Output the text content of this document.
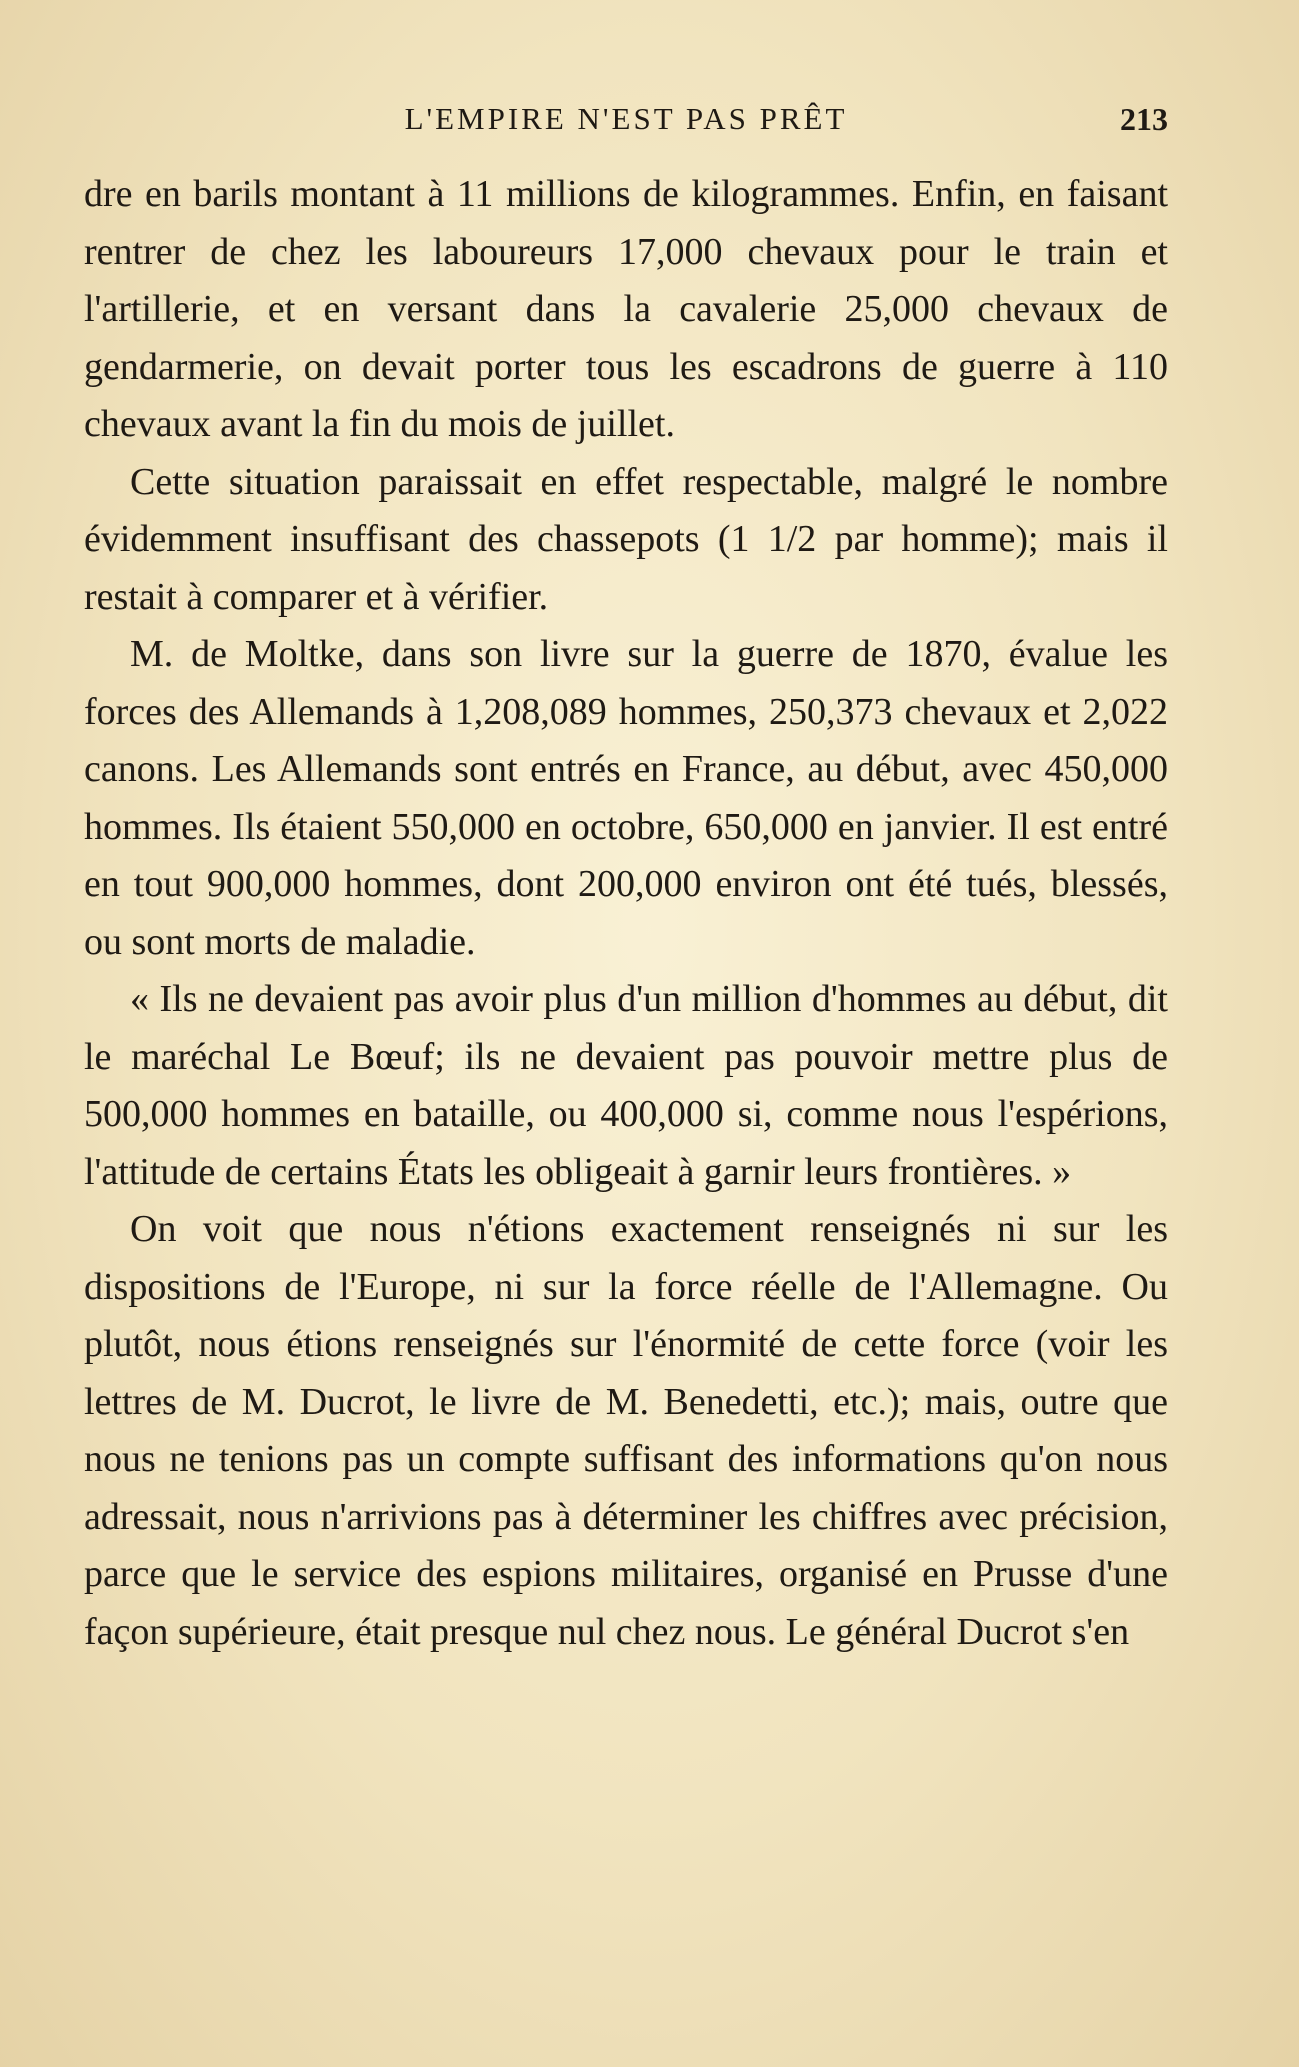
L'EMPIRE N'EST PAS PRÊT	213

dre en barils montant à 11 millions de kilogrammes. Enfin, en faisant rentrer de chez les laboureurs 17,000 chevaux pour le train et l'artillerie, et en versant dans la cavalerie 25,000 chevaux de gendarmerie, on devait porter tous les escadrons de guerre à 110 chevaux avant la fin du mois de juillet.

Cette situation paraissait en effet respectable, malgré le nombre évidemment insuffisant des chassepots (1 1/2 par homme); mais il restait à comparer et à vérifier.

M. de Moltke, dans son livre sur la guerre de 1870, évalue les forces des Allemands à 1,208,089 hommes, 250,373 chevaux et 2,022 canons. Les Allemands sont entrés en France, au début, avec 450,000 hommes. Ils étaient 550,000 en octobre, 650,000 en janvier. Il est entré en tout 900,000 hommes, dont 200,000 environ ont été tués, blessés, ou sont morts de maladie.

« Ils ne devaient pas avoir plus d'un million d'hommes au début, dit le maréchal Le Bœuf; ils ne devaient pas pouvoir mettre plus de 500,000 hommes en bataille, ou 400,000 si, comme nous l'espérions, l'attitude de certains États les obligeait à garnir leurs frontières. »

On voit que nous n'étions exactement renseignés ni sur les dispositions de l'Europe, ni sur la force réelle de l'Allemagne. Ou plutôt, nous étions renseignés sur l'énormité de cette force (voir les lettres de M. Ducrot, le livre de M. Benedetti, etc.); mais, outre que nous ne tenions pas un compte suffisant des informations qu'on nous adressait, nous n'arrivions pas à déterminer les chiffres avec précision, parce que le service des espions militaires, organisé en Prusse d'une façon supérieure, était presque nul chez nous. Le général Ducrot s'en
